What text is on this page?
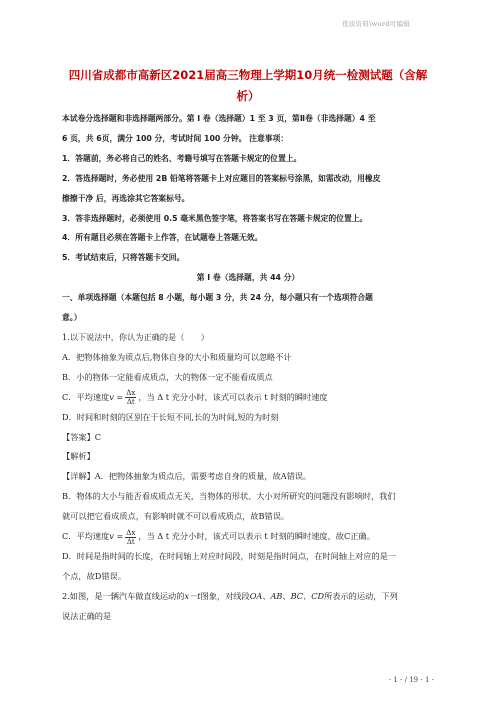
优质资料\word可编辑
四川省成都市高新区2021届高三物理上学期10月统一检测试题（含解析）

本试卷分选择题和非选择题两部分。第 Ⅰ 卷（选择题）1 至 3 页，第Ⅱ卷（非选择题）4 至

6 页，共 6页，满分 100 分，考试时间 100 分钟。 注意事项：

1．答题前，务必将自己的姓名、考籍号填写在答题卡规定的位置上。

2．答选择题时，务必使用 2B 铅笔将答题卡上对应题目的答案标号涂黑，如需改动，用橡皮

擦擦干净 后，再选涂其它答案标号。

3．答非选择题时，必须使用 0.5 毫米黑色签字笔，将答案书写在答题卡规定的位置上。

4．所有题目必须在答题卡上作答，在试题卷上答题无效。

5．考试结束后，只将答题卡交回。

第 Ⅰ 卷（选择题，共 44 分）

一、单项选择题（本题包括 8 小题，每小题 3 分，共 24 分，每小题只有一个选项符合题

意。）

1.以下说法中，你认为正确的是（　　）

A．把物体抽象为质点后,物体自身的大小和质量均可以忽略不计

B．小的物体一定能看成质点，大的物体一定不能看成质点

C．平均速度$v = \frac{\Delta x}{\Delta t}$ ，当 Δ t 充分小时，该式可以表示 t 时刻的瞬时速度

D．时间和时刻的区别在于长短不同,长的为时间,短的为时刻

【答案】C

【解析】

【详解】A．把物体抽象为质点后，需要考虑自身的质量，故A错误。

B．物体的大小与能否看成质点无关，当物体的形状、大小对所研究的问题没有影响时，我们

就可以把它看成质点，有影响时就不可以看成质点，故B错误。

C．平均速度$v = \frac{\Delta x}{\Delta t}$ ，当 Δ t 充分小时，该式可以表示 t 时刻的瞬时速度，故C正确。

D．时间是指时间的长度，在时间轴上对应时间段，时刻是指时间点，在时间轴上对应的是一

个点，故D错误。

2.如图，是一辆汽车做直线运动的x－t图象，对线段OA、AB、BC、CD所表示的运动，下列

说法正确的是

- 1 - / 19 - 1 -
